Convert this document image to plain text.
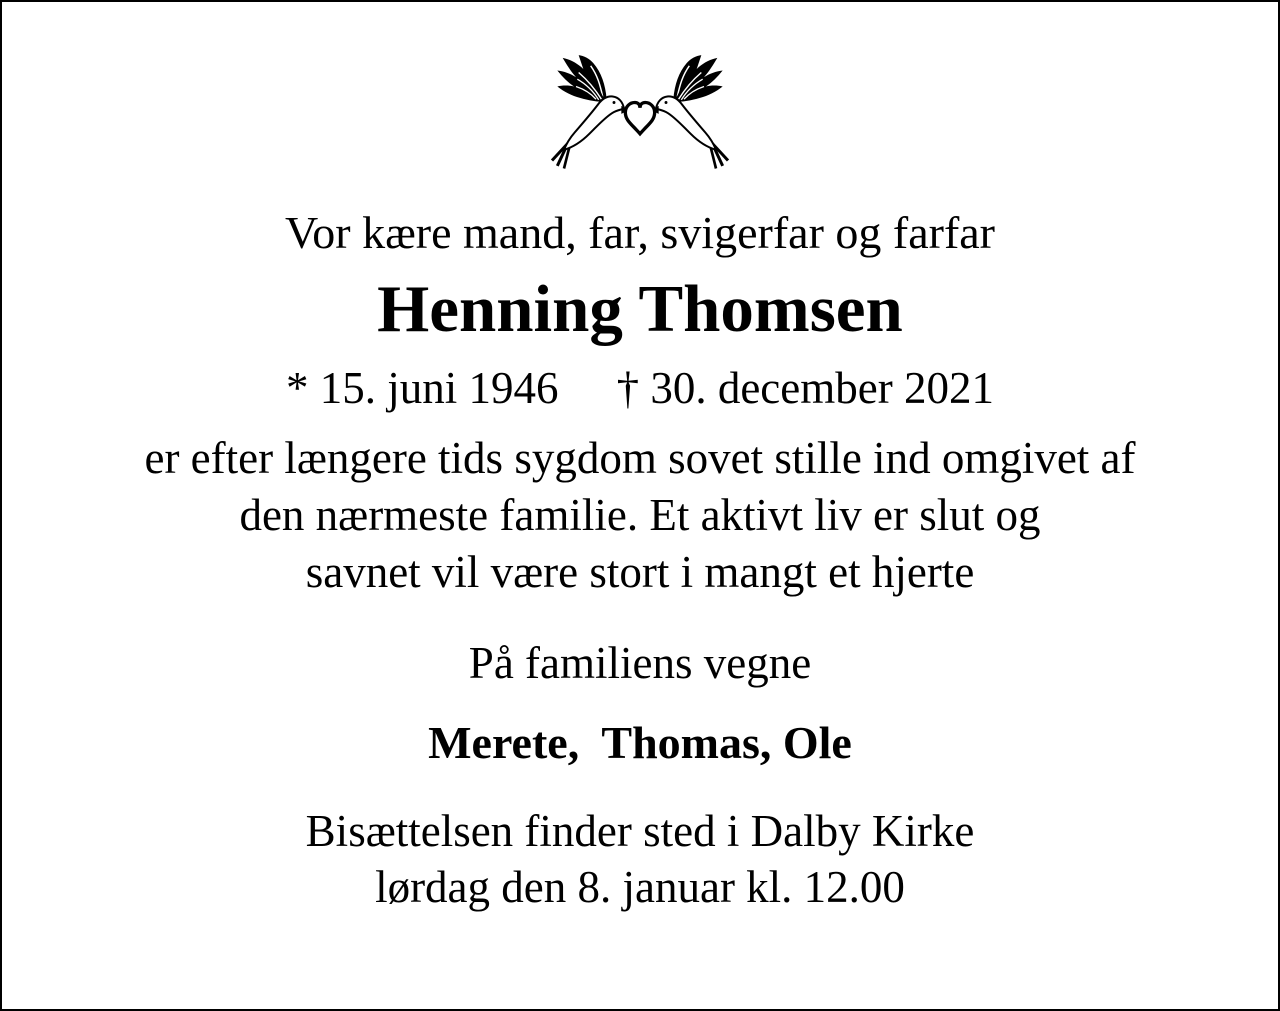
Vor kære mand, far, svigerfar og farfar
Henning Thomsen
* 15. juni 1946 † 30. december 2021
er efter længere tids sygdom sovet stille ind omgivet af
den nærmeste familie. Et aktivt liv er slut og
savnet vil være stort i mangt et hjerte
På familiens vegne
Merete,  Thomas, Ole
Bisættelsen finder sted i Dalby Kirke
lørdag den 8. januar kl. 12.00
